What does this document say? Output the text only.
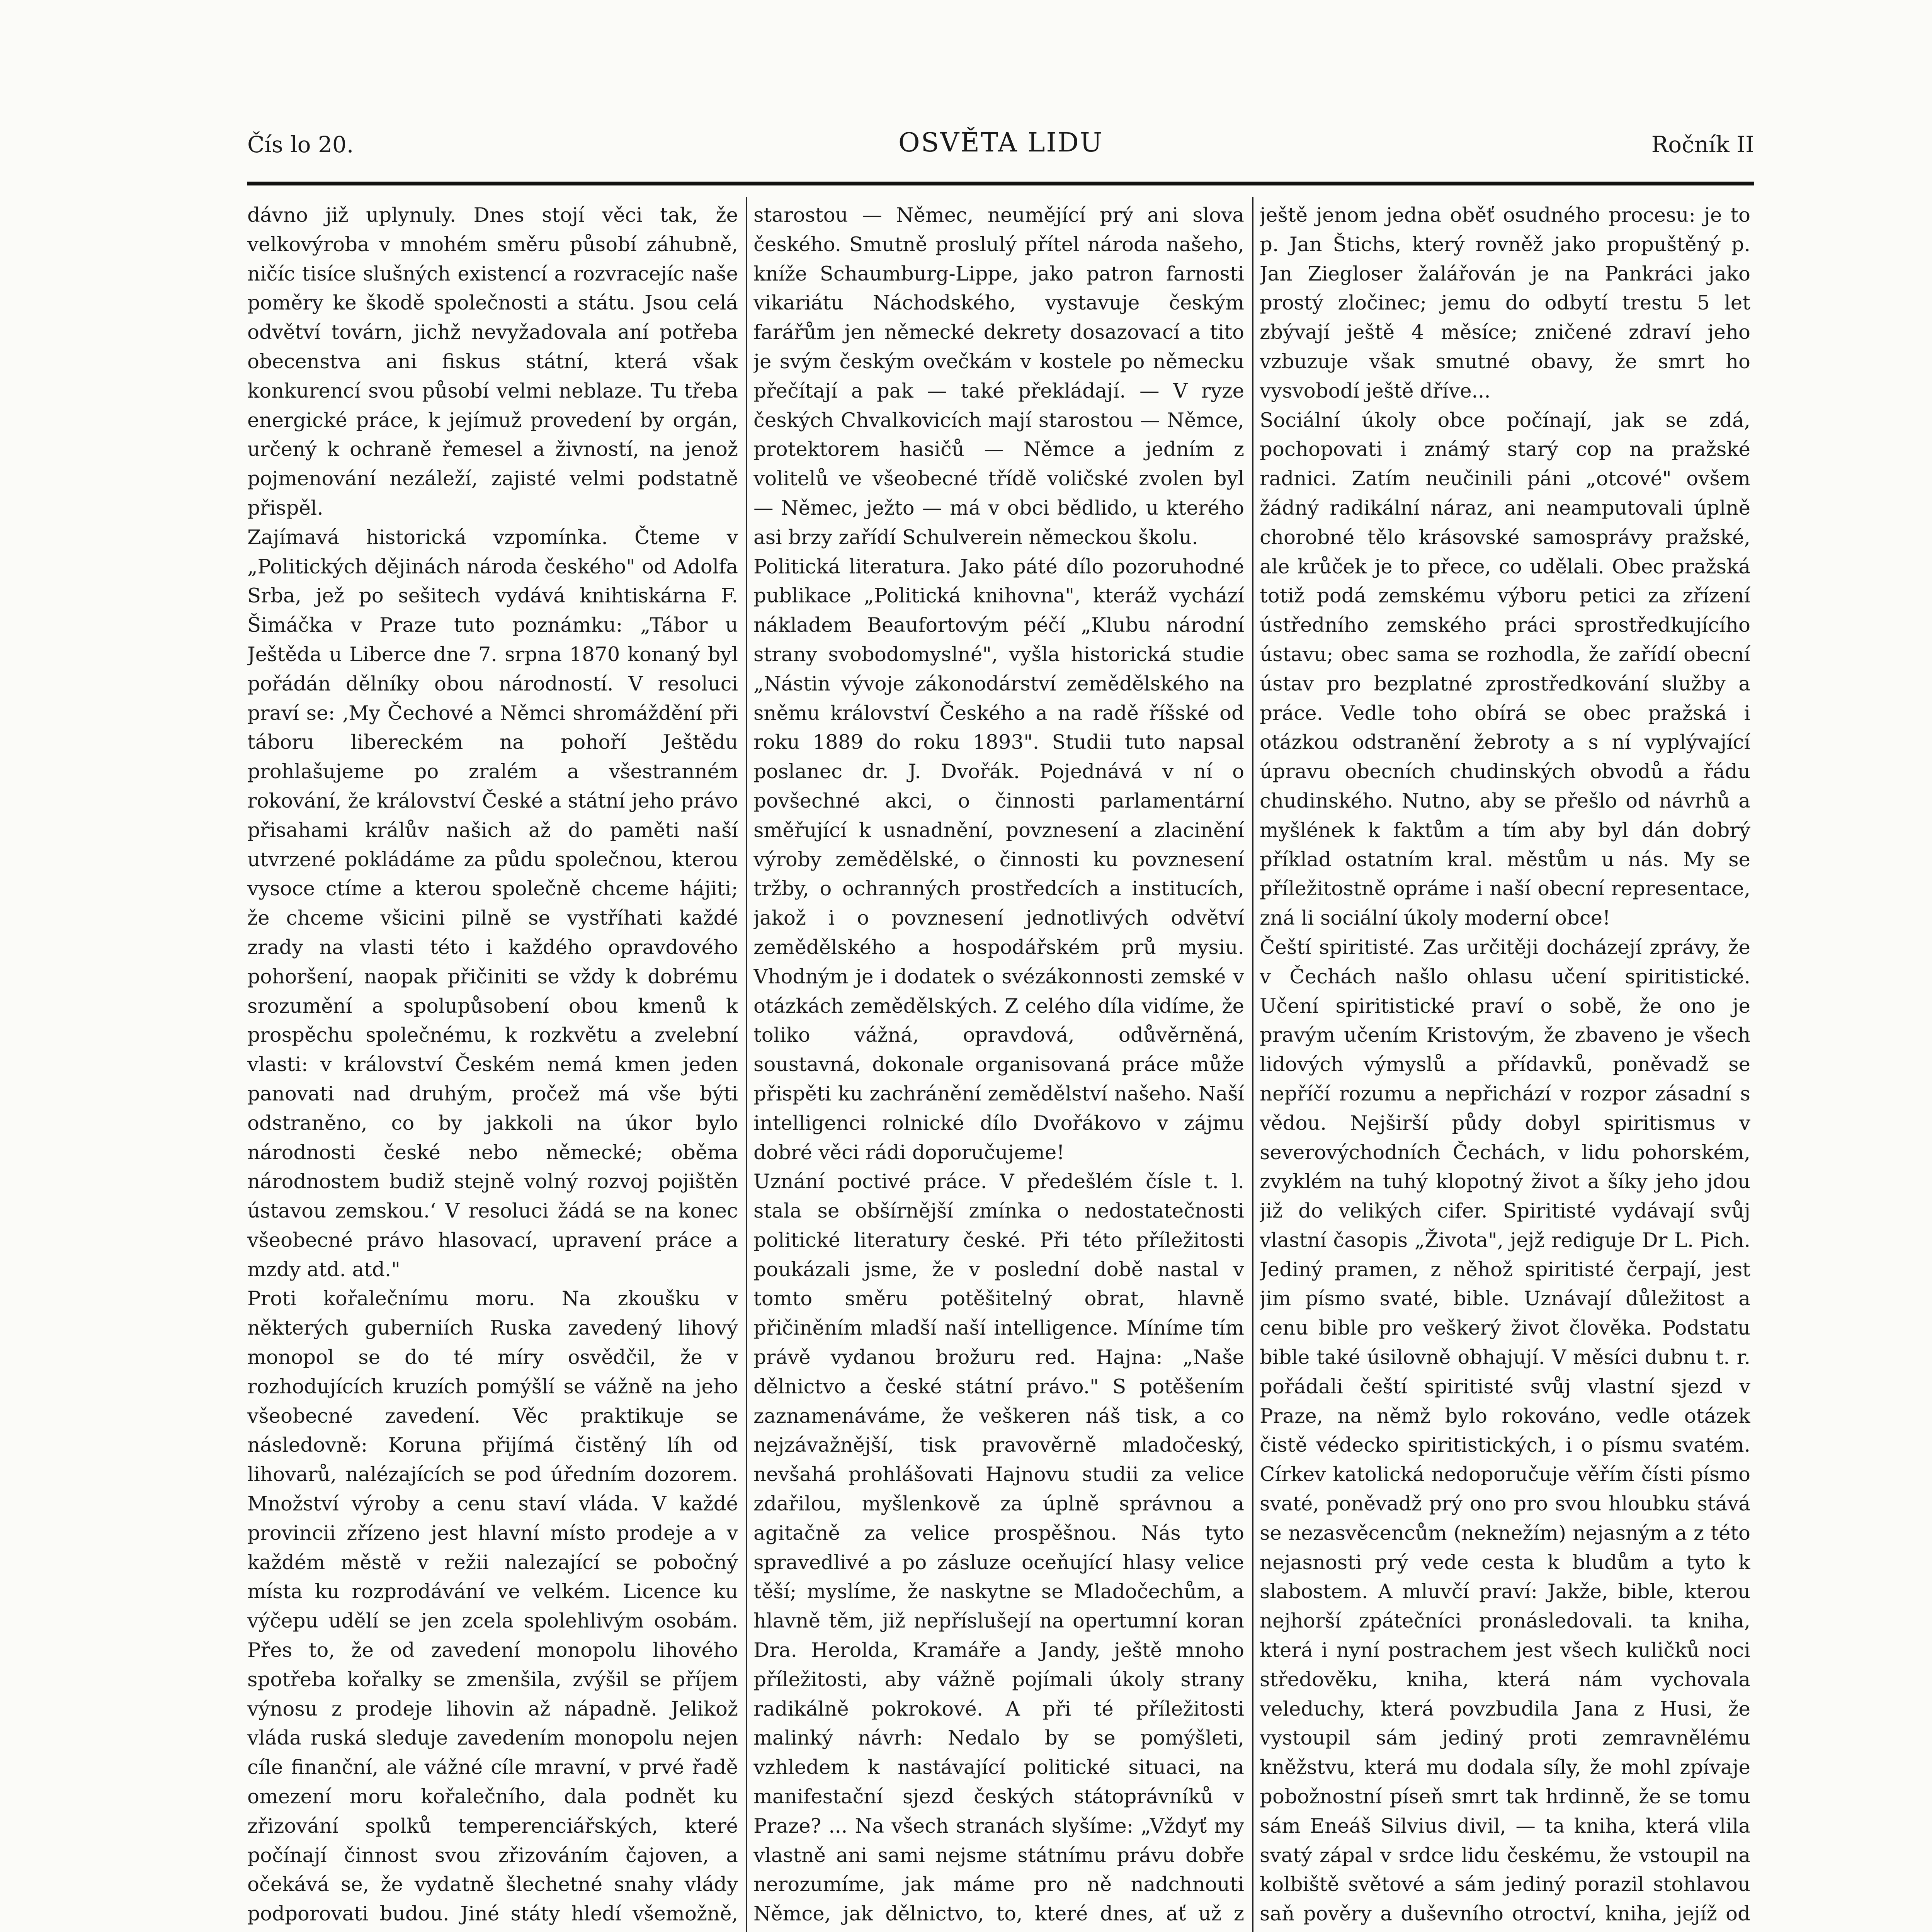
Čís lo 20.	OSVĚTA LIDU	Ročník II

dávno již uplynuly. Dnes stojí věci tak, že velkovýroba v mnohém směru působí záhubně, ničíc tisíce slušných existencí a rozvracejíc naše poměry ke škodě společnosti a státu. Jsou celá odvětví továrn, jichž nevyžadovala aní potřeba obecenstva ani fiskus státní, která však konkurencí svou působí velmi neblaze. Tu třeba energické práce, k jejímuž provedení by orgán, určený k ochraně řemesel a živností, na jenož pojmenování nezáleží, zajisté velmi podstatně přispěl.

Zajímavá historická vzpomínka. Čteme v „Politických dějinách národa českého" od Adolfa Srba, jež po sešitech vydává knihtiskárna F. Šimáčka v Praze tuto poznámku: „Tábor u Ještěda u Liberce dne 7. srpna 1870 konaný byl pořádán dělníky obou národností. V resoluci praví se: ‚My Čechové a Němci shromáždění při táboru libereckém na pohoří Ještědu prohlašujeme po zralém a všestranném rokování, že království České a státní jeho právo přisahami králův našich až do paměti naší utvrzené pokládáme za půdu společnou, kterou vysoce ctíme a kterou společně chceme hájiti; že chceme všicini pilně se vystříhati každé zrady na vlasti této i každého opravdového pohoršení, naopak přičiniti se vždy k dobrému srozumění a spolupůsobení obou kmenů k prospěchu společnému, k rozkvětu a zvelební vlasti: v království Českém nemá kmen jeden panovati nad druhým, pročež má vše býti odstraněno, co by jakkoli na úkor bylo národnosti české nebo německé; oběma národnostem budiž stejně volný rozvoj pojištěn ústavou zemskou.‘ V resoluci žádá se na konec všeobecné právo hlasovací, upravení práce a mzdy atd. atd."

Proti kořalečnímu moru. Na zkoušku v některých guberniích Ruska zavedený lihový monopol se do té míry osvědčil, že v rozhodujících kruzích pomýšlí se vážně na jeho všeobecné zavedení. Věc praktikuje se následovně: Koruna přijímá čistěný líh od lihovarů, nalézajících se pod úředním dozorem. Množství výroby a cenu staví vláda. V každé provincii zřízeno jest hlavní místo prodeje a v každém městě v režii nalezající se pobočný místa ku rozprodávání ve velkém. Licence ku výčepu udělí se jen zcela spolehlivým osobám. Přes to, že od zavedení monopolu lihového spotřeba kořalky se zmenšila, zvýšil se příjem výnosu z prodeje lihovin až nápadně. Jelikož vláda ruská sleduje zavedením monopolu nejen cíle finanční, ale vážné cíle mravní, v prvé řadě omezení moru kořalečního, dala podnět ku zřizování spolků temperenciářských, které počínají činnost svou zřizováním čajoven, a očekává se, že vydatně šlechetné snahy vlády podporovati budou. Jiné státy hledí všemožně,

starostou — Němec, neumějící prý ani slova českého. Smutně proslulý přítel národa našeho, kníže Schaumburg-Lippe, jako patron farnosti vikariátu Náchodského, vystavuje českým farářům jen německé dekrety dosazovací a tito je svým českým ovečkám v kostele po německu přečítají a pak — také překládají. — V ryze českých Chvalkovicích mají starostou — Němce, protektorem hasičů — Němce a jedním z volitelů ve všeobecné třídě voličské zvolen byl — Němec, ježto — má v obci bědlido, u kterého asi brzy zařídí Schulverein německou školu.

Politická literatura. Jako páté dílo pozoruhodné publikace „Politická knihovna", kteráž vychází nákladem Beaufortovým péčí „Klubu národní strany svobodomyslné", vyšla historická studie „Nástin vývoje zákonodárství zemědělského na sněmu království Českého a na radě říšské od roku 1889 do roku 1893". Studii tuto napsal poslanec dr. J. Dvořák. Pojednává v ní o povšechné akci, o činnosti parlamentární směřující k usnadnění, povznesení a zlacinění výroby zemědělské, o činnosti ku povznesení tržby, o ochranných prostředcích a institucích, jakož i o povznesení jednotlivých odvětví zemědělského a hospodářském prů mysiu. Vhodným je i dodatek o svézákonnosti zemské v otázkách zemědělských. Z celého díla vidíme, že toliko vážná, opravdová, odůvěrněná, soustavná, dokonale organisovaná práce může přispěti ku zachránění zemědělství našeho. Naší intelligenci rolnické dílo Dvořákovo v zájmu dobré věci rádi doporučujeme!

Uznání poctivé práce. V předešlém čísle t. l. stala se obšírnější zmínka o nedostatečnosti politické literatury české. Při této příležitosti poukázali jsme, že v poslední době nastal v tomto směru potěšitelný obrat, hlavně přičiněním mladší naší intelligence. Míníme tím právě vydanou brožuru red. Hajna: „Naše dělnictvo a české státní právo." S potěšením zaznamenáváme, že veškeren náš tisk, a co nejzávažnější, tisk pravověrně mladočeský, nevšahá prohlášovati Hajnovu studii za velice zdařilou, myšlenkově za úplně správnou a agitačně za velice prospěšnou. Nás tyto spravedlivé a po zásluze oceňující hlasy velice těší; myslíme, že naskytne se Mladočechům, a hlavně těm, již nepříslušejí na opertumní koran Dra. Herolda, Kramáře a Jandy, ještě mnoho příležitosti, aby vážně pojímali úkoly strany radikálně pokrokové. A při té příležitosti malinký návrh: Nedalo by se pomýšleti, vzhledem k nastávající politické situaci, na manifestační sjezd českých státoprávníků v Praze? ... Na všech stranách slyšíme: „Vždyť my vlastně ani sami nejsme státnímu právu dobře nerozumíme, jak máme pro ně nadchnouti Němce, jak dělnictvo, to, které dnes, ať už z

ještě jenom jedna oběť osudného procesu: je to p. Jan Štichs, který rovněž jako propuštěný p. Jan Ziegloser žalářován je na Pankráci jako prostý zločinec; jemu do odbytí trestu 5 let zbývají ještě 4 měsíce; zničené zdraví jeho vzbuzuje však smutné obavy, že smrt ho vysvobodí ještě dříve...

Sociální úkoly obce počínají, jak se zdá, pochopovati i známý starý cop na pražské radnici. Zatím neučinili páni „otcové" ovšem žádný radikální náraz, ani neamputovali úplně chorobné tělo krásovské samosprávy pražské, ale krůček je to přece, co udělali. Obec pražská totiž podá zemskému výboru petici za zřízení ústředního zemského práci sprostředkujícího ústavu; obec sama se rozhodla, že zařídí obecní ústav pro bezplatné zprostředkování služby a práce. Vedle toho obírá se obec pražská i otázkou odstranění žebroty a s ní vyplývající úpravu obecních chudinských obvodů a řádu chudinského. Nutno, aby se přešlo od návrhů a myšlének k faktům a tím aby byl dán dobrý příklad ostatním kral. městům u nás. My se příležitostně opráme i naší obecní representace, zná li sociální úkoly moderní obce!

Čeští spiritisté. Zas určitěji docházejí zprávy, že v Čechách našlo ohlasu učení spiritistické. Učení spiritistické praví o sobě, že ono je pravým učením Kristovým, že zbaveno je všech lidových výmyslů a přídavků, poněvadž se nepříčí rozumu a nepřichází v rozpor zásadní s vědou. Nejširší půdy dobyl spiritismus v severovýchodních Čechách, v lidu pohorském, zvyklém na tuhý klopotný život a šíky jeho jdou již do velikých cifer. Spiritisté vydávají svůj vlastní časopis „Života", jejž rediguje Dr L. Pich. Jediný pramen, z něhož spiritisté čerpají, jest jim písmo svaté, bible. Uznávají důležitost a cenu bible pro veškerý život člověka. Podstatu bible také úsilovně obhajují. V měsíci dubnu t. r. pořádali čeští spiritisté svůj vlastní sjezd v Praze, na němž bylo rokováno, vedle otázek čistě védecko spiritistických, i o písmu svatém. Církev katolická nedoporučuje věřím čísti písmo svaté, poněvadž prý ono pro svou hloubku stává se nezasvěcencům (neknežím) nejasným a z této nejasnosti prý vede cesta k bludům a tyto k slabostem. A mluvčí praví: Jakže, bible, kterou nejhorší zpátečníci pronásledovali. ta kniha, která i nyní postrachem jest všech kuličků noci středověku, kniha, která nám vychovala veleduchy, která povzbudila Jana z Husi, že vystoupil sám jediný proti zemravnělému kněžstvu, která mu dodala síly, že mohl zpívaje pobožnostní píseň smrt tak hrdinně, že se tomu sám Eneáš Silvius divil, — ta kniha, která vlila svatý zápal v srdce lidu českému, že vstoupil na kolbiště světové a sám jediný porazil stohlavou saň pověry a duševního otroctví, kniha, jejíž od
